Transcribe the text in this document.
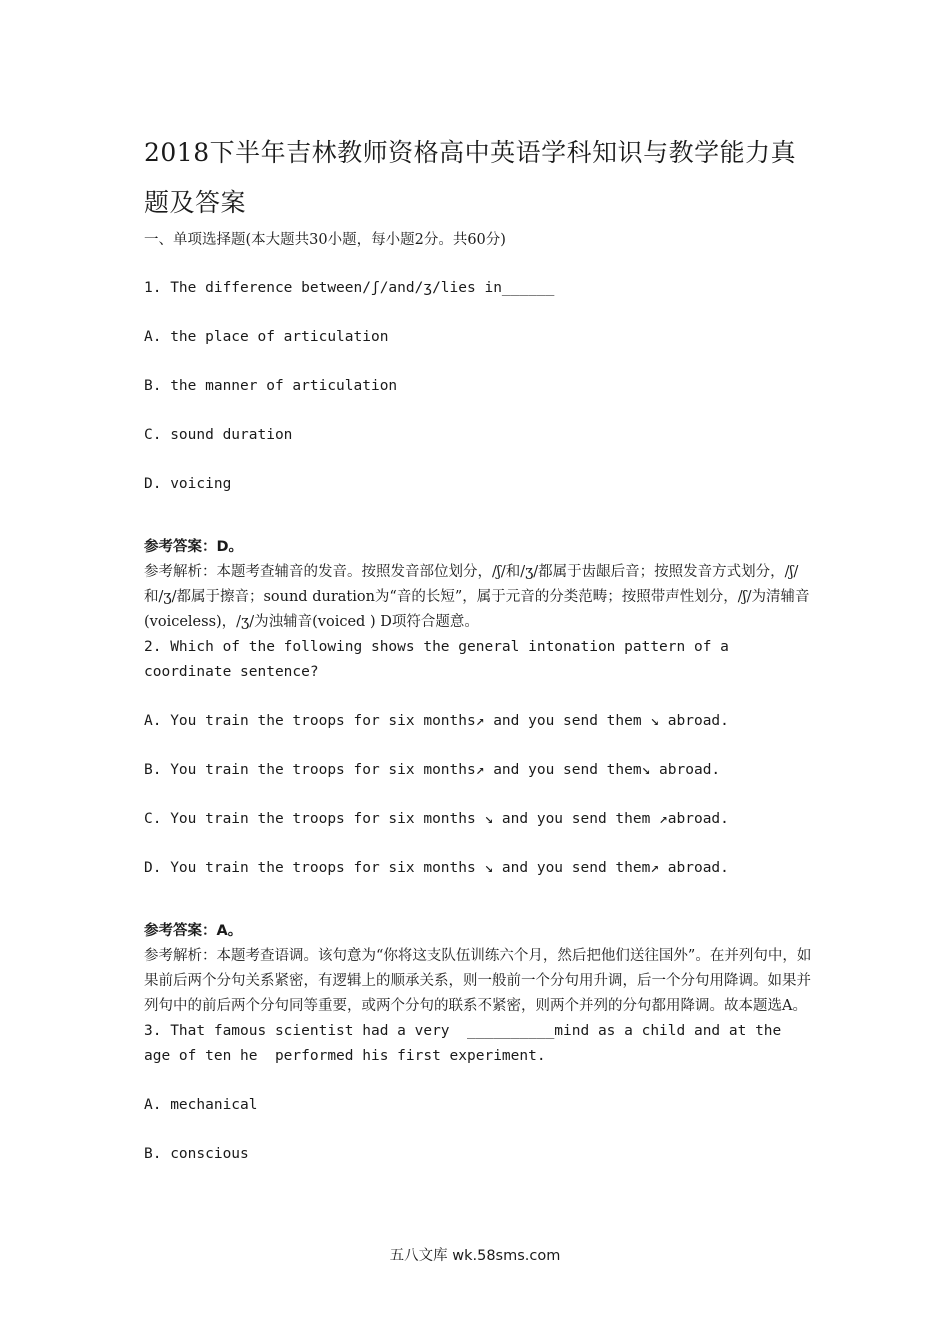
2018下半年吉林教师资格高中英语学科知识与教学能力真题及答案

一、单项选择题(本大题共30小题，每小题2分。共60分)

1. The difference between/ʃ/and/ʒ/lies in______

A. the place of articulation

B. the manner of articulation

C. sound duration

D. voicing

参考答案：D。

参考解析：本题考查辅音的发音。按照发音部位划分，/ʃ/和/ʒ/都属于齿龈后音；按照发音方式划分，/ʃ/和/ʒ/都属于擦音；sound duration为“音的长短”，属于元音的分类范畴；按照带声性划分，/ʃ/为清辅音(voiceless)，/ʒ/为浊辅音(voiced ) D项符合题意。

2. Which of the following shows the general intonation pattern of a coordinate sentence?

A. You train the troops for six months↗ and you send them ↘ abroad.

B. You train the troops for six months↗ and you send them↘ abroad.

C. You train the troops for six months ↘ and you send them ↗abroad.

D. You train the troops for six months ↘ and you send them↗ abroad.

参考答案：A。

参考解析：本题考查语调。该句意为“你将这支队伍训练六个月，然后把他们送往国外”。在并列句中，如果前后两个分句关系紧密，有逻辑上的顺承关系，则一般前一个分句用升调，后一个分句用降调。如果并列句中的前后两个分句同等重要，或两个分句的联系不紧密，则两个并列的分句都用降调。故本题选A。

3. That famous scientist had a very  __________mind as a child and at the age of ten he  performed his first experiment.

A. mechanical

B. conscious

五八文库 wk.58sms.com
